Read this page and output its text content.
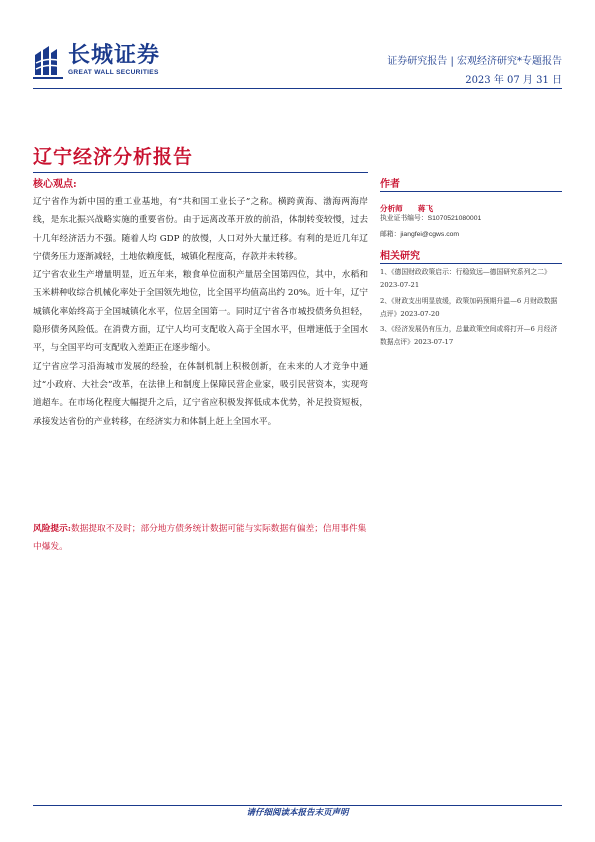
长城证券
GREAT WALL SECURITIES
证券研究报告 | 宏观经济研究*专题报告
2023 年 07 月 31 日
辽宁经济分析报告
核心观点:

辽宁省作为新中国的重工业基地，有“共和国工业长子”之称。横跨黄海、渤海两海岸线，是东北振兴战略实施的重要省份。由于远离改革开放的前沿，体制转变较慢，过去十几年经济活力不强。随着人均 GDP 的放慢，人口对外大量迁移。有利的是近几年辽宁债务压力逐渐减轻，土地依赖度低，城镇化程度高，存款并未转移。

辽宁省农业生产增量明显，近五年来，粮食单位面积产量居全国第四位，其中，水稻和玉米耕种收综合机械化率处于全国领先地位，比全国平均值高出约 20%。近十年，辽宁城镇化率始终高于全国城镇化水平，位居全国第一。同时辽宁省各市城投债务负担轻，隐形债务风险低。在消费方面，辽宁人均可支配收入高于全国水平，但增速低于全国水平，与全国平均可支配收入差距正在逐步缩小。

辽宁省应学习沿海城市发展的经验，在体制机制上积极创新，在未来的人才竞争中通过“小政府、大社会”改革，在法律上和制度上保障民营企业家，吸引民营资本，实现弯道超车。在市场化程度大幅提升之后，辽宁省应积极发挥低成本优势，补足投资短板，承接发达省份的产业转移，在经济实力和体制上赶上全国水平。

风险提示:数据提取不及时；部分地方债务统计数据可能与实际数据有偏差；信用事件集中爆发。
作者
分析师 蒋飞
执业证书编号：S1070521080001
邮箱：jiangfei@cgws.com
相关研究
1、《德国财政政策启示：行稳致远—德国研究系列之二》2023-07-21
2、《财政支出明显放缓，政策加码预期升温—6 月财政数据点评》2023-07-20
3、《经济发展仍有压力，总量政策空间或将打开—6 月经济数据点评》2023-07-17
请仔细阅读本报告末页声明
